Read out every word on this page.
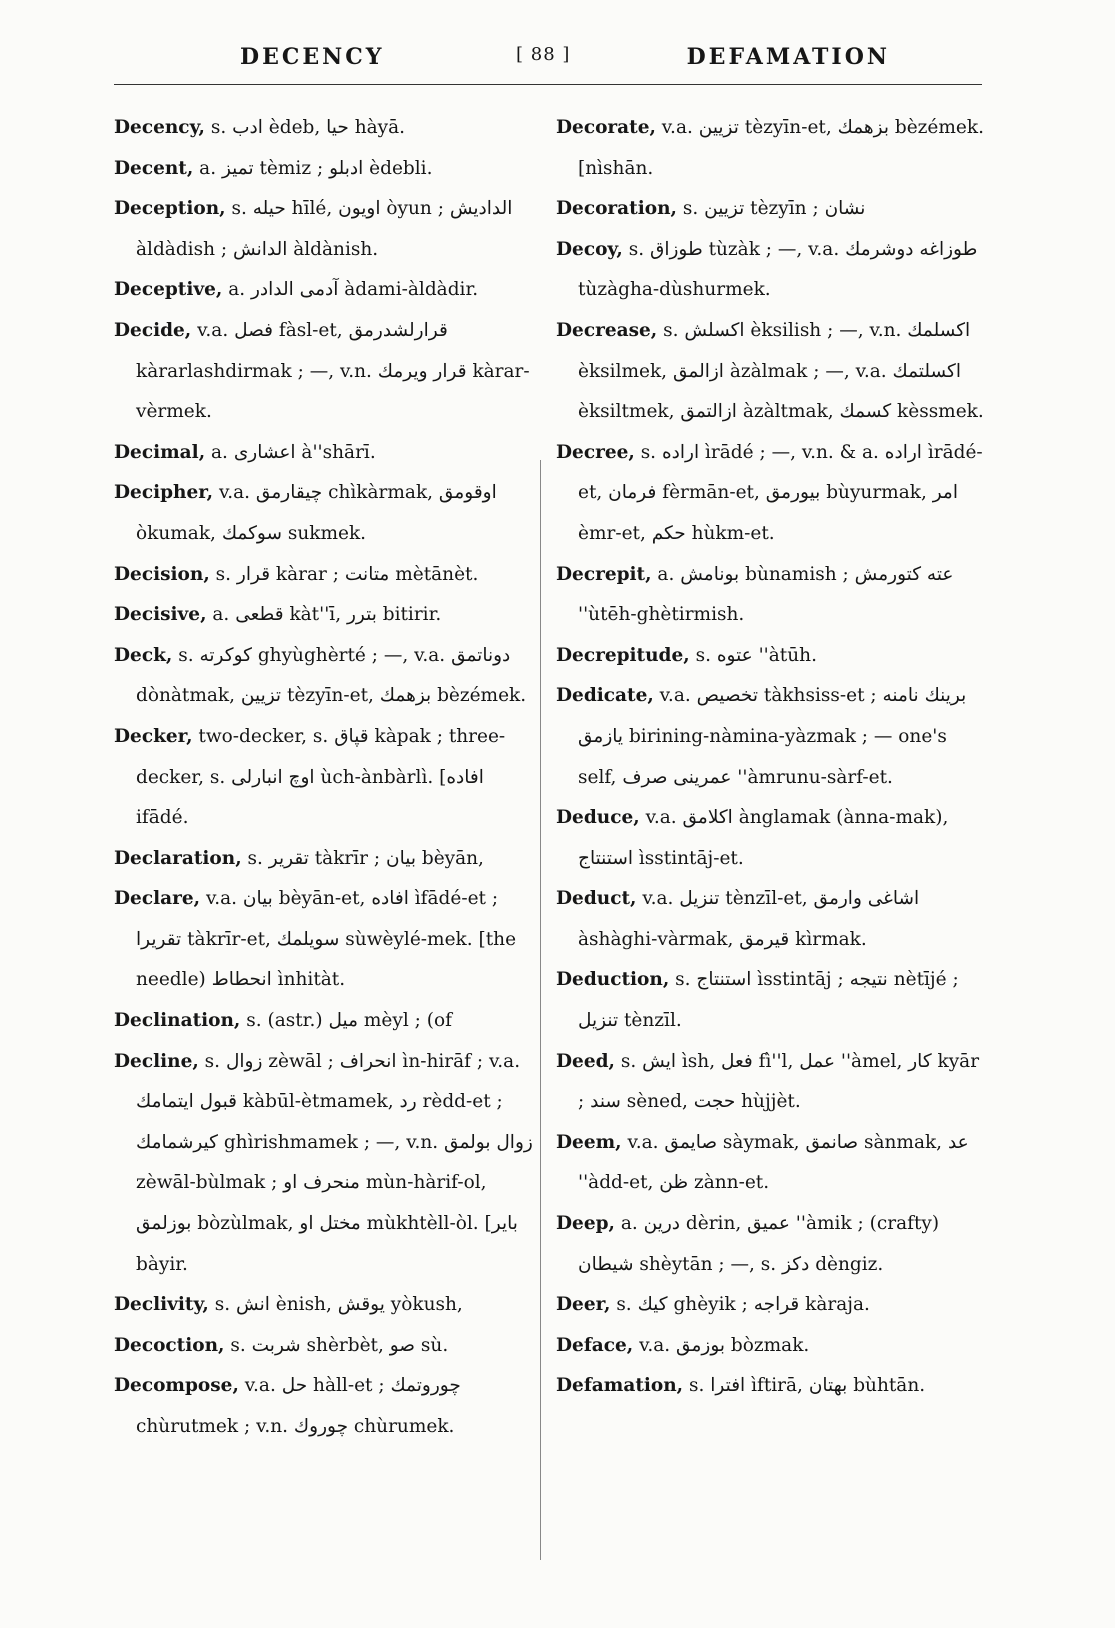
DECENCY	[ 88 ]	DEFAMATION

Decency, s. ادب èdeb, حيا hàyā.

Decent, a. تميز tèmiz ; ادبلو èdebli.

Deception, s. حيله hīlé, اويون òyun ; الداديش àldàdish ; الدانش àldànish.

Deceptive, a. آدمى الدادر àdami-àldàdir.

Decide, v.a. فصل fàsl-et, قرارلشدرمق kàrarlashdirmak ; —, v.n. قرار ويرمك kàrar-vèrmek.

Decimal, a. اعشارى à''shārī.

Decipher, v.a. چيقارمق chìkàrmak, اوقومق òkumak, سوكمك sukmek.

Decision, s. قرار kàrar ; متانت mètānèt.

Decisive, a. قطعى kàt''ī, بترر bitirir.

Deck, s. كوكرته ghyùghèrté ; —, v.a. دوناتمق dònàtmak, تزيين tèzyīn-et, بزهمك bèzémek.

Decker, two-decker, s. قپاق kàpak ; three-decker, s. اوچ انبارلى ùch-ànbàrlì. [افاده ifādé.

Declaration, s. تقرير tàkrīr ; بيان bèyān,

Declare, v.a. بيان bèyān-et, افاده ìfādé-et ; تقريرا tàkrīr-et, سويلمك sùwèylé-mek. [the needle) انحطاط ìnhitàt.

Declination, s. (astr.) ميل mèyl ; (of

Decline, s. زوال zèwāl ; انحراف ìn-hirāf ; v.a. قبول ايتمامك kàbūl-ètmamek, رد rèdd-et ; كيرشمامك ghìrishmamek ; —, v.n. زوال بولمق zèwāl-bùlmak ; منحرف او mùn-hàrif-ol, بوزلمق bòzùlmak, مختل او mùkhtèll-òl. [باير bàyir.

Declivity, s. انش ènish, يوقش yòkush,

Decoction, s. شربت shèrbèt, صو sù.

Decompose, v.a. حل hàll-et ; چوروتمك chùrutmek ; v.n. چوروك chùrumek.

Decorate, v.a. تزيين tèzyīn-et, بزهمك bèzémek. [nìshān.

Decoration, s. تزيين tèzyīn ; نشان

Decoy, s. طوزاق tùzàk ; —, v.a. طوزاغه دوشرمك tùzàgha-dùshurmek.

Decrease, s. اكسلش èksilish ; —, v.n. اكسلمك èksilmek, ازالمق àzàlmak ; —, v.a. اكسلتمك èksiltmek, ازالتمق àzàltmak, كسمك kèssmek.

Decree, s. اراده ìrādé ; —, v.n. & a. اراده ìrādé-et, فرمان fèrmān-et, بيورمق bùyurmak, امر èmr-et, حكم hùkm-et.

Decrepit, a. بونامش bùnamish ; عته كتورمش ''ùtēh-ghètirmish.

Decrepitude, s. عتوه ''àtūh.

Dedicate, v.a. تخصيص tàkhsiss-et ; برينك نامنه يازمق birining-nàmina-yàzmak ; — one's self, عمرينى صرف ''àmrunu-sàrf-et.

Deduce, v.a. اكلامق ànglamak (ànna-mak), استنتاج ìsstintāj-et.

Deduct, v.a. تنزيل tènzīl-et, اشاغى وارمق àshàghi-vàrmak, قيرمق kìrmak.

Deduction, s. استنتاج ìsstintāj ; نتيجه nètījé ; تنزيل tènzīl.

Deed, s. ايش ìsh, فعل fì''l, عمل ''àmel, كار kyār ; سند sèned, حجت hùjjèt.

Deem, v.a. صايمق sàymak, صانمق sànmak, عد ''àdd-et, ظن zànn-et.

Deep, a. درين dèrin, عميق ''àmik ; (crafty) شيطان shèytān ; —, s. دكز dèngiz.

Deer, s. كيك ghèyik ; قراجه kàraja.

Deface, v.a. بوزمق bòzmak.

Defamation, s. افترا ìftirā, بهتان bùhtān.
